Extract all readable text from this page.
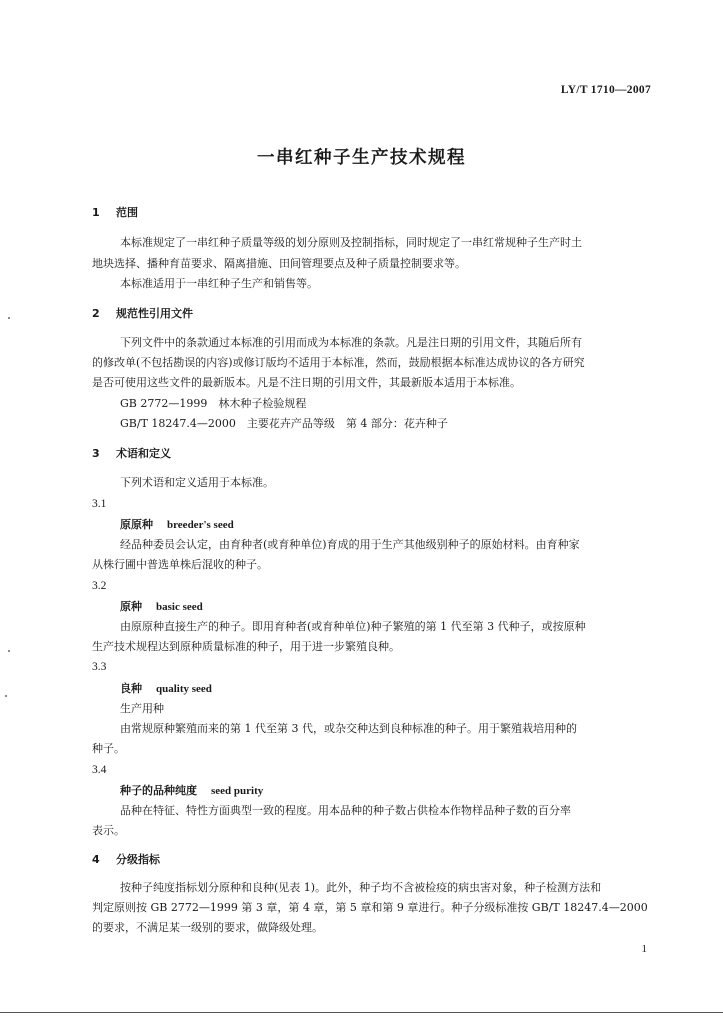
LY/T 1710—2007
一串红种子生产技术规程
1 范围
本标准规定了一串红种子质量等级的划分原则及控制指标，同时规定了一串红常规种子生产时土
地块选择、播种育苗要求、隔离措施、田间管理要点及种子质量控制要求等。
本标准适用于一串红种子生产和销售等。
2 规范性引用文件
下列文件中的条款通过本标准的引用而成为本标准的条款。凡是注日期的引用文件，其随后所有
的修改单(不包括勘误的内容)或修订版均不适用于本标准，然而，鼓励根据本标准达成协议的各方研究
是否可使用这些文件的最新版本。凡是不注日期的引用文件，其最新版本适用于本标准。
GB 2772—1999　林木种子检验规程
GB/T 18247.4—2000　主要花卉产品等级　第 4 部分：花卉种子
3 术语和定义
下列术语和定义适用于本标准。
3.1
原原种 breeder's seed
经品种委员会认定，由育种者(或育种单位)育成的用于生产其他级别种子的原始材料。由育种家
从株行圃中普选单株后混收的种子。
3.2
原种 basic seed
由原原种直接生产的种子。即用育种者(或育种单位)种子繁殖的第 1 代至第 3 代种子，或按原种
生产技术规程达到原种质量标准的种子，用于进一步繁殖良种。
3.3
良种 quality seed
生产用种
由常规原种繁殖而来的第 1 代至第 3 代，或杂交种达到良种标准的种子。用于繁殖栽培用种的
种子。
3.4
种子的品种纯度 seed purity
品种在特征、特性方面典型一致的程度。用本品种的种子数占供检本作物样品种子数的百分率
表示。
4 分级指标
按种子纯度指标划分原种和良种(见表 1)。此外，种子均不含被检疫的病虫害对象，种子检测方法和
判定原则按 GB 2772—1999 第 3 章，第 4 章，第 5 章和第 9 章进行。种子分级标准按 GB/T 18247.4—2000
的要求，不满足某一级别的要求，做降级处理。
1
